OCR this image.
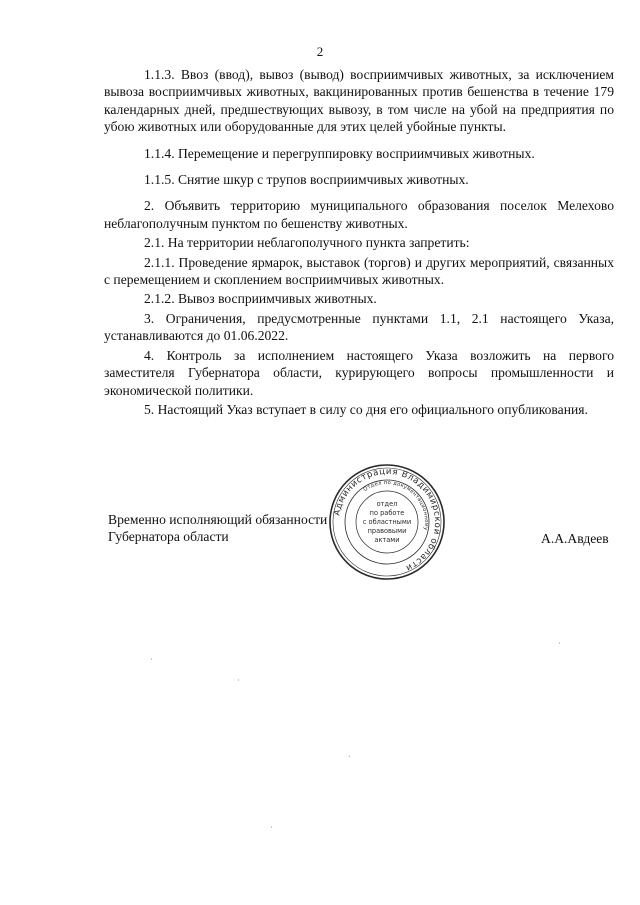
2

1.1.3. Ввоз (ввод), вывоз (вывод) восприимчивых животных, за исключением вывоза восприимчивых животных, вакцинированных против бешенства в течение 179 календарных дней, предшествующих вывозу, в том числе на убой на предприятия по убою животных или оборудованные для этих целей убойные пункты.

1.1.4. Перемещение и перегруппировку восприимчивых животных.

1.1.5. Снятие шкур с трупов восприимчивых животных.

2. Объявить территорию муниципального образования поселок Мелехово неблагополучным пунктом по бешенству животных.

2.1. На территории неблагополучного пункта запретить:

2.1.1. Проведение ярмарок, выставок (торгов) и других мероприятий, связанных с перемещением и скоплением восприимчивых животных.

2.1.2. Вывоз восприимчивых животных.

3. Ограничения, предусмотренные пунктами 1.1, 2.1 настоящего Указа, устанавливаются до 01.06.2022.

4. Контроль за исполнением настоящего Указа возложить на первого заместителя Губернатора области, курирующего вопросы промышленности и экономической политики.

5. Настоящий Указ вступает в силу со дня его официального опубликования.

Временно исполняющий обязанности
Губернатора области	А.А.Авдеев
Администрация Владимирской области
Отдел по документационному
отдел
по работе
с областными
правовыми
актами
·
·
ˏ
·
·
